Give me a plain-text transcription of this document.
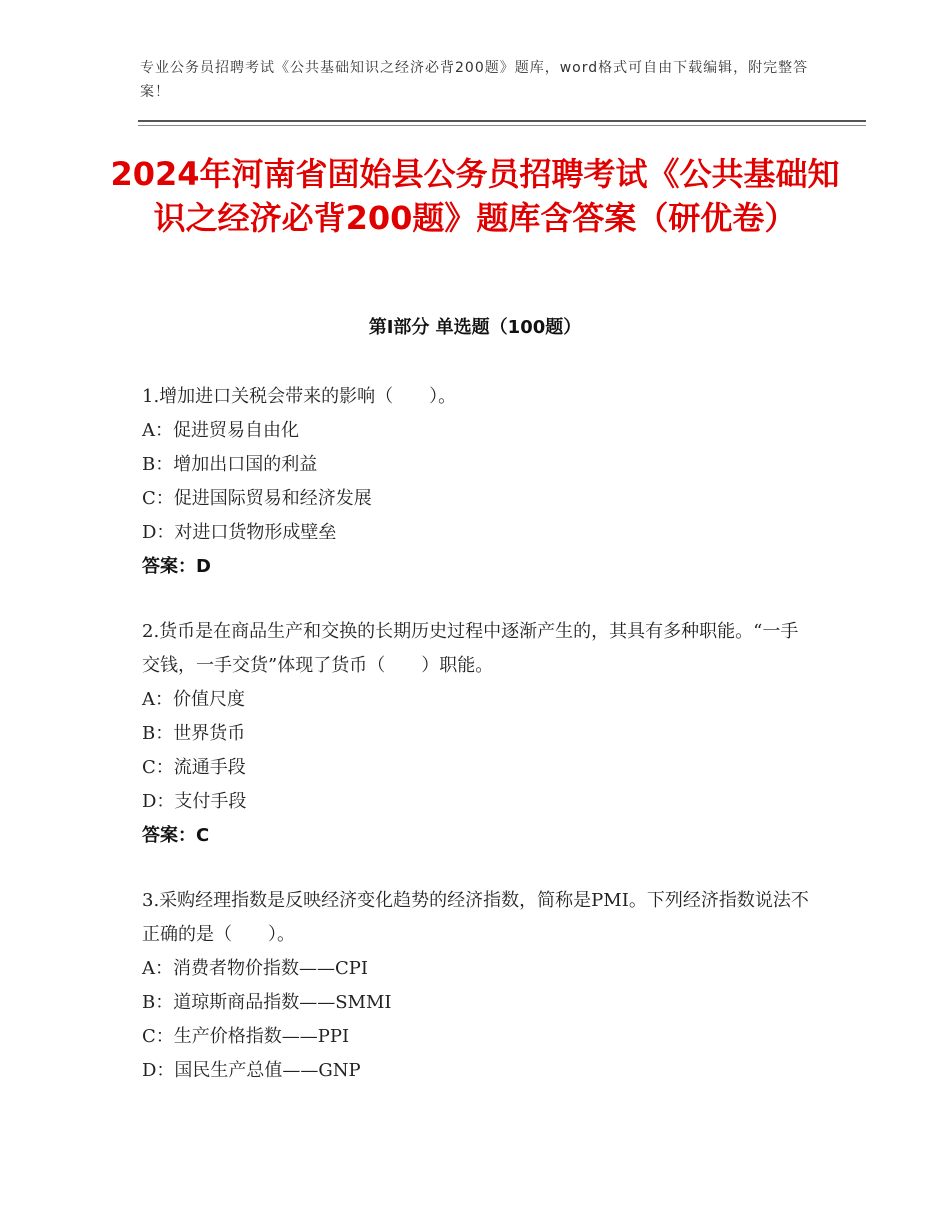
专业公务员招聘考试《公共基础知识之经济必背200题》题库，word格式可自由下载编辑，附完整答案！
2024年河南省固始县公务员招聘考试《公共基础知识之经济必背200题》题库含答案（研优卷）
第Ⅰ部分 单选题（100题）

1.增加进口关税会带来的影响（　　）。

A：促进贸易自由化

B：增加出口国的利益

C：促进国际贸易和经济发展

D：对进口货物形成壁垒

答案：D

2.货币是在商品生产和交换的长期历史过程中逐渐产生的，其具有多种职能。“一手交钱，一手交货”体现了货币（　　）职能。

A：价值尺度

B：世界货币

C：流通手段

D：支付手段

答案：C

3.采购经理指数是反映经济变化趋势的经济指数，简称是PMI。下列经济指数说法不正确的是（　　）。

A：消费者物价指数——CPI

B：道琼斯商品指数——SMMI

C：生产价格指数——PPI

D：国民生产总值——GNP
